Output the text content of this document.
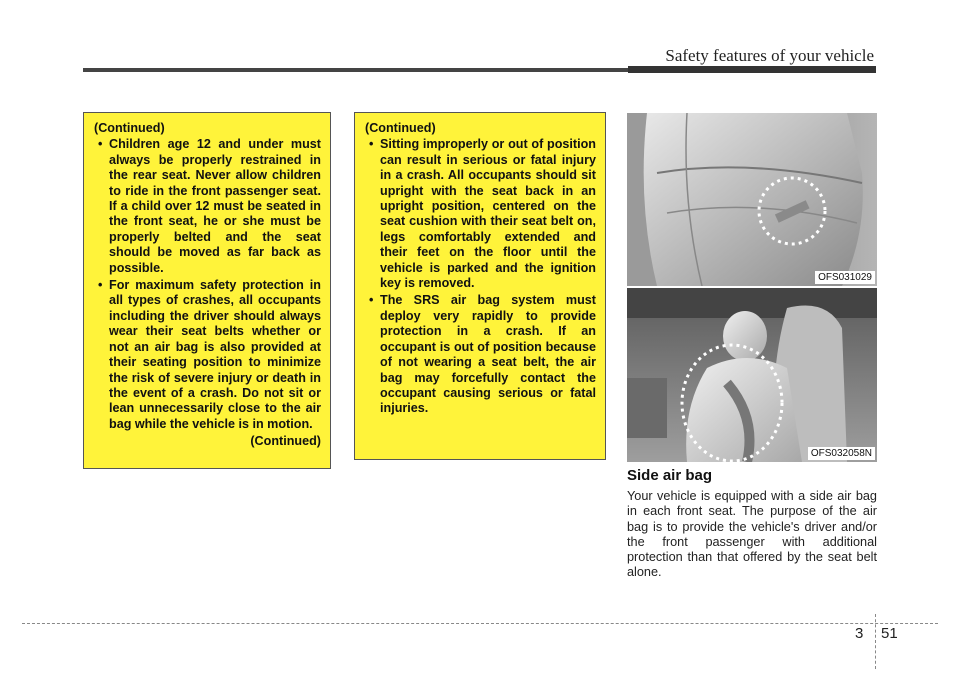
Safety features of your vehicle
(Continued)
• Children age 12 and under must always be properly restrained in the rear seat. Never allow children to ride in the front passenger seat. If a child over 12 must be seated in the front seat, he or she must be properly belted and the seat should be moved as far back as possible.
• For maximum safety protection in all types of crashes, all occupants including the driver should always wear their seat belts whether or not an air bag is also provided at their seating position to minimize the risk of severe injury or death in the event of a crash. Do not sit or lean unnecessarily close to the air bag while the vehicle is in motion.
(Continued)
(Continued)
• Sitting improperly or out of position can result in serious or fatal injury in a crash. All occupants should sit upright with the seat back in an upright position, centered on the seat cushion with their seat belt on, legs comfortably extended and their feet on the floor until the vehicle is parked and the ignition key is removed.
• The SRS air bag system must deploy very rapidly to provide protection in a crash. If an occupant is out of position because of not wearing a seat belt, the air bag may forcefully contact the occupant causing serious or fatal injuries.
OFS031029
OFS032058N
Side air bag
Your vehicle is equipped with a side air bag in each front seat. The purpose of the air bag is to provide the vehicle's driver and/or the front passenger with additional protection than that offered by the seat belt alone.
3 51
